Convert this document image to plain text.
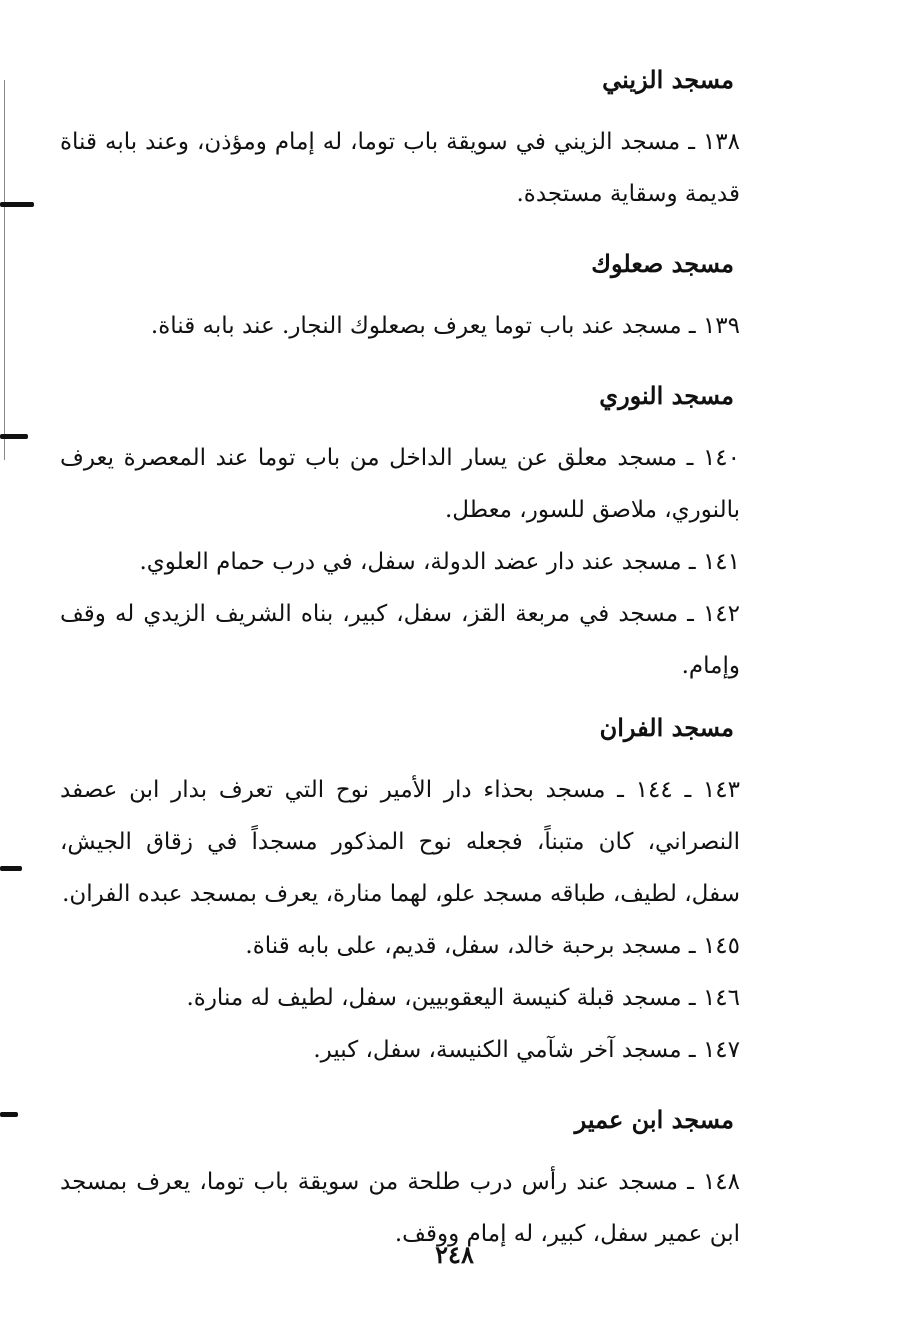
مسجد الزيني

١٣٨ ـ مسجد الزيني في سويقة باب توما، له إمام ومؤذن، وعند بابه قناة قديمة وسقاية مستجدة.

مسجد صعلوك

١٣٩ ـ مسجد عند باب توما يعرف بصعلوك النجار. عند بابه قناة.

مسجد النوري

١٤٠ ـ مسجد معلق عن يسار الداخل من باب توما عند المعصرة يعرف بالنوري، ملاصق للسور، معطل.

١٤١ ـ مسجد عند دار عضد الدولة، سفل، في درب حمام العلوي.

١٤٢ ـ مسجد في مربعة القز، سفل، كبير، بناه الشريف الزيدي له وقف وإمام.

مسجد الفران

١٤٣ ـ ١٤٤ ـ مسجد بحذاء دار الأمير نوح التي تعرف بدار ابن عصفد النصراني، كان متبناً، فجعله نوح المذكور مسجداً في زقاق الجيش، سفل، لطيف، طباقه مسجد علو، لهما منارة، يعرف بمسجد عبده الفران.

١٤٥ ـ مسجد برحبة خالد، سفل، قديم، على بابه قناة.

١٤٦ ـ مسجد قبلة كنيسة اليعقوبيين، سفل، لطيف له منارة.

١٤٧ ـ مسجد آخر شآمي الكنيسة، سفل، كبير.

مسجد ابن عمير

١٤٨ ـ مسجد عند رأس درب طلحة من سويقة باب توما، يعرف بمسجد ابن عمير سفل، كبير، له إمام ووقف.

٢٤٨
